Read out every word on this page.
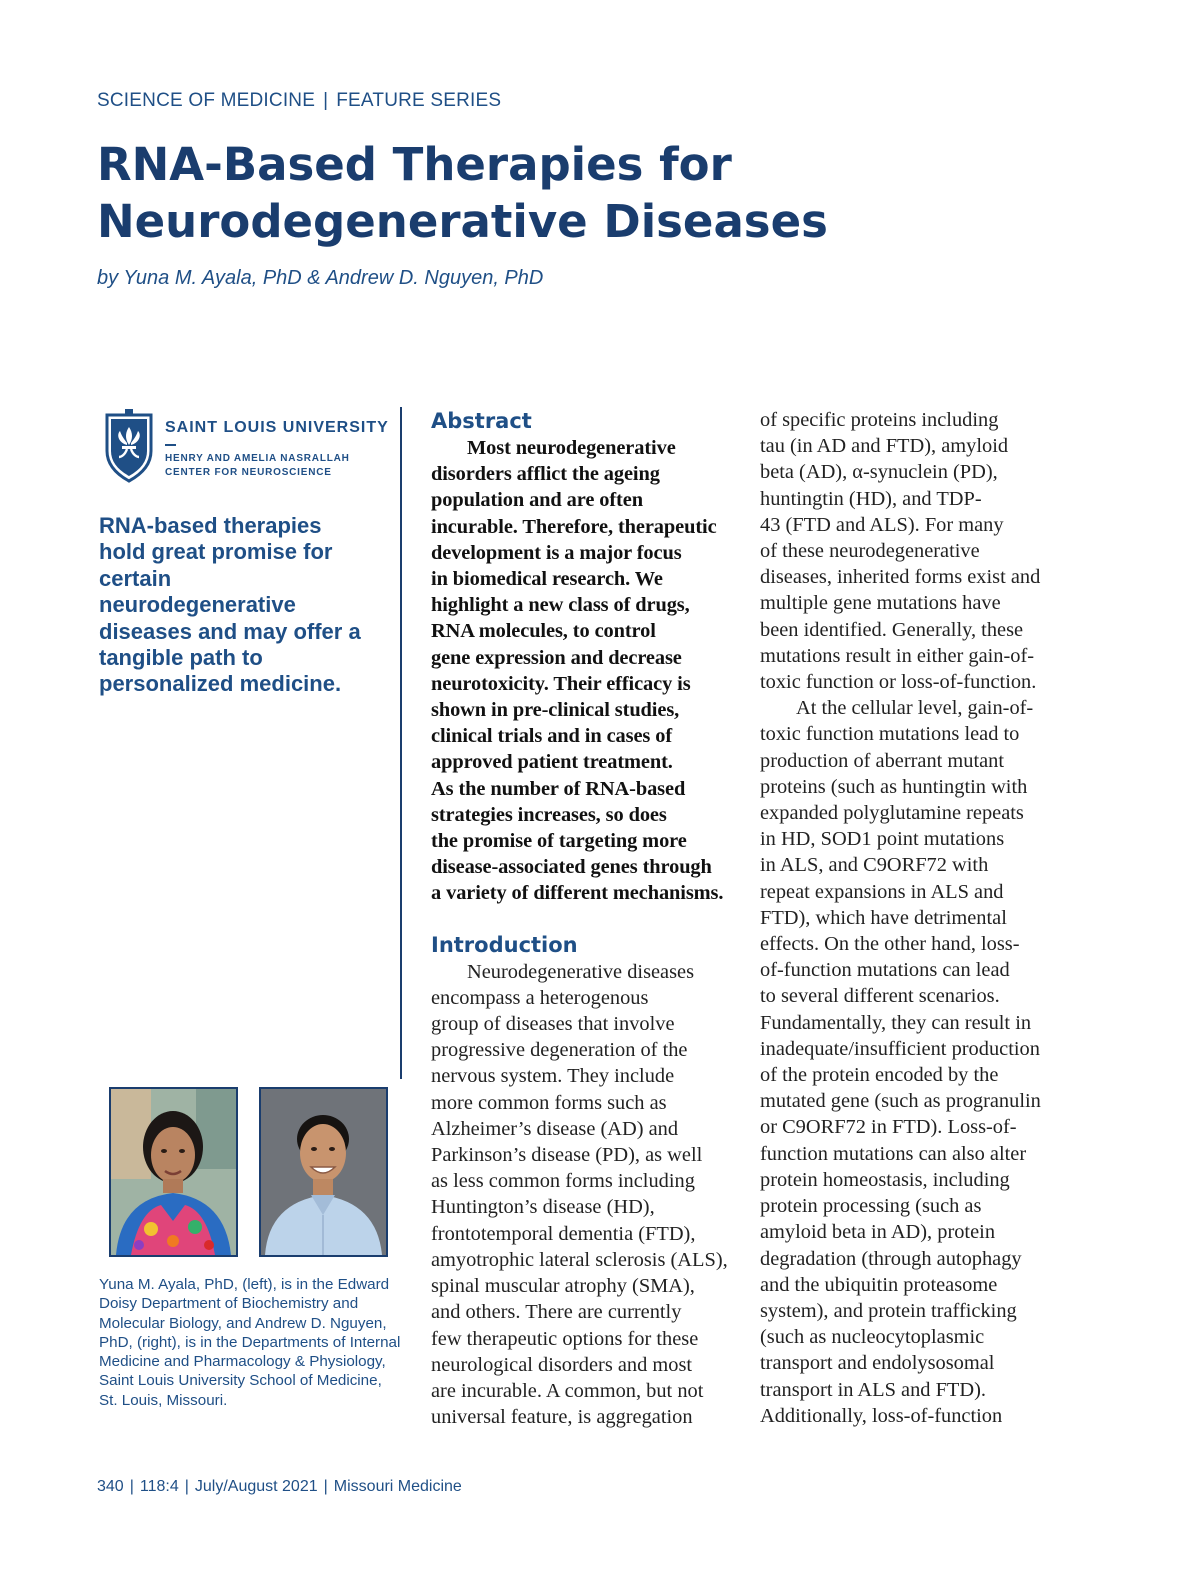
SCIENCE OF MEDICINE | FEATURE SERIES
RNA-Based Therapies for Neurodegenerative Diseases
by Yuna M. Ayala, PhD & Andrew D. Nguyen, PhD
SAINT LOUIS UNIVERSITY
HENRY AND AMELIA NASRALLAH
CENTER FOR NEUROSCIENCE
RNA-based therapies hold great promise for certain neurodegenerative diseases and may offer a tangible path to personalized medicine.
Yuna M. Ayala, PhD, (left), is in the Edward Doisy Department of Biochemistry and Molecular Biology, and Andrew D. Nguyen, PhD, (right), is in the Departments of Internal Medicine and Pharmacology & Physiology, Saint Louis University School of Medicine, St. Louis, Missouri.
Abstract

Most neurodegenerative
disorders afflict the ageing
population and are often
incurable. Therefore, therapeutic
development is a major focus
in biomedical research. We
highlight a new class of drugs,
RNA molecules, to control
gene expression and decrease
neurotoxicity. Their efficacy is
shown in pre-clinical studies,
clinical trials and in cases of
approved patient treatment.
As the number of RNA-based
strategies increases, so does
the promise of targeting more
disease-associated genes through
a variety of different mechanisms.

Introduction

Neurodegenerative diseases
encompass a heterogenous
group of diseases that involve
progressive degeneration of the
nervous system. They include
more common forms such as
Alzheimer’s disease (AD) and
Parkinson’s disease (PD), as well
as less common forms including
Huntington’s disease (HD),
frontotemporal dementia (FTD),
amyotrophic lateral sclerosis (ALS),
spinal muscular atrophy (SMA),
and others. There are currently
few therapeutic options for these
neurological disorders and most
are incurable. A common, but not
universal feature, is aggregation

of specific proteins including
tau (in AD and FTD), amyloid
beta (AD), α-synuclein (PD),
huntingtin (HD), and TDP-
43 (FTD and ALS). For many
of these neurodegenerative
diseases, inherited forms exist and
multiple gene mutations have
been identified. Generally, these
mutations result in either gain-of-
toxic function or loss-of-function.

At the cellular level, gain-of-
toxic function mutations lead to
production of aberrant mutant
proteins (such as huntingtin with
expanded polyglutamine repeats
in HD, SOD1 point mutations
in ALS, and C9ORF72 with
repeat expansions in ALS and
FTD), which have detrimental
effects. On the other hand, loss-
of-function mutations can lead
to several different scenarios.
Fundamentally, they can result in
inadequate/insufficient production
of the protein encoded by the
mutated gene (such as progranulin
or C9ORF72 in FTD). Loss-of-
function mutations can also alter
protein homeostasis, including
protein processing (such as
amyloid beta in AD), protein
degradation (through autophagy
and the ubiquitin proteasome
system), and protein trafficking
(such as nucleocytoplasmic
transport and endolysosomal
transport in ALS and FTD).
Additionally, loss-of-function

340 | 118:4 | July/August 2021 | Missouri Medicine
